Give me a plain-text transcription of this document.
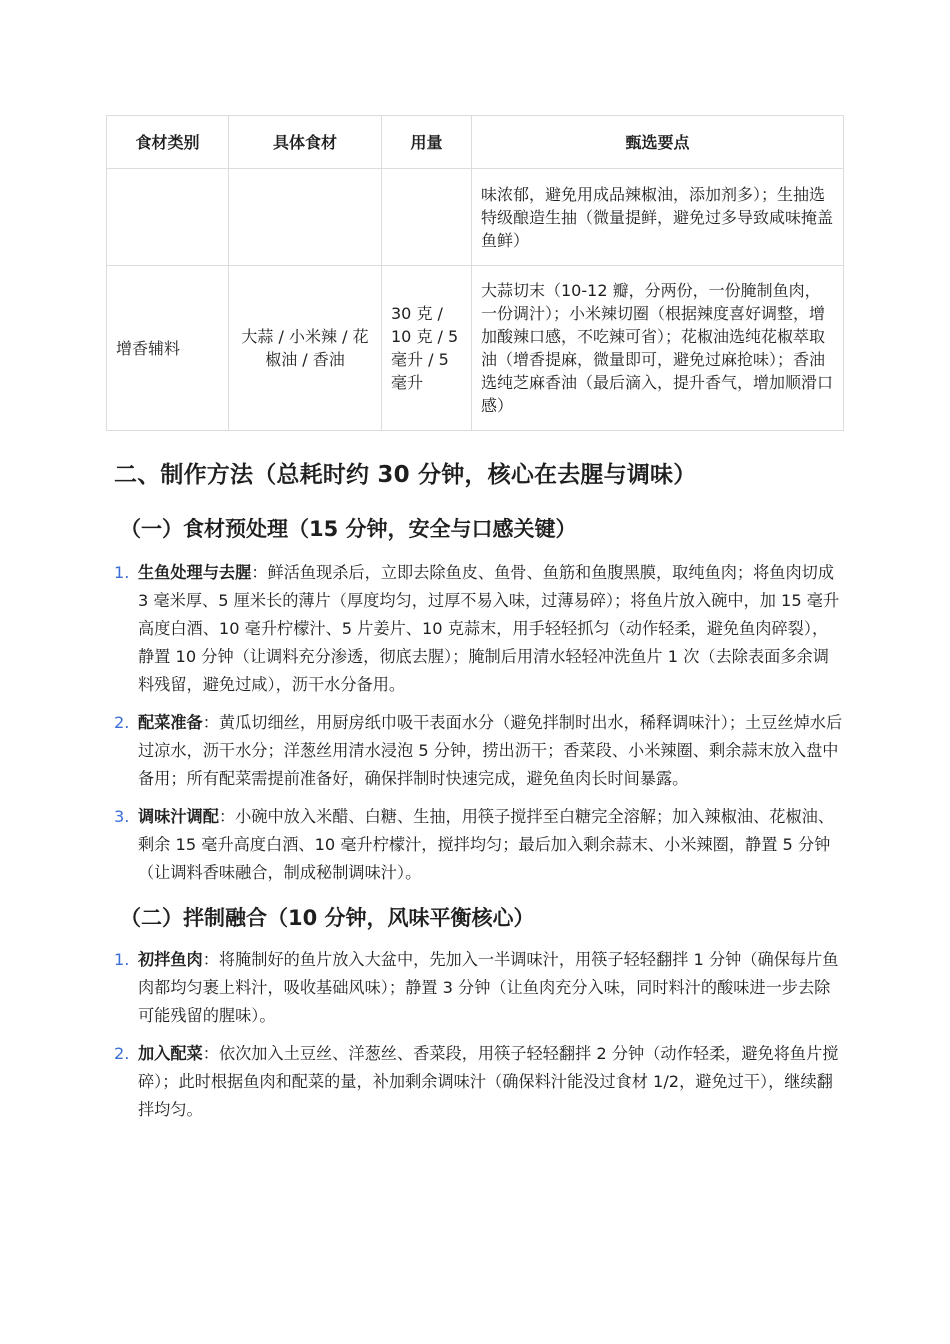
食材类别	具体食材	用量	甄选要点
			味浓郁，避免用成品辣椒油，添加剂多）；生抽选特级酿造生抽（微量提鲜，避免过多导致咸味掩盖鱼鲜）
增香辅料	大蒜 / 小米辣 / 花椒油 / 香油	30 克 / 10 克 / 5 毫升 / 5 毫升	大蒜切末（10-12 瓣，分两份，一份腌制鱼肉，一份调汁）；小米辣切圈（根据辣度喜好调整，增加酸辣口感，不吃辣可省）；花椒油选纯花椒萃取油（增香提麻，微量即可，避免过麻抢味）；香油选纯芝麻香油（最后滴入，提升香气，增加顺滑口感）
二、制作方法（总耗时约 30 分钟，核心在去腥与调味）
（一）食材预处理（15 分钟，安全与口感关键）
1. 生鱼处理与去腥：鲜活鱼现杀后，立即去除鱼皮、鱼骨、鱼筋和鱼腹黑膜，取纯鱼肉；将鱼肉切成 3 毫米厚、5 厘米长的薄片（厚度均匀，过厚不易入味，过薄易碎）；将鱼片放入碗中，加 15 毫升高度白酒、10 毫升柠檬汁、5 片姜片、10 克蒜末，用手轻轻抓匀（动作轻柔，避免鱼肉碎裂），静置 10 分钟（让调料充分渗透，彻底去腥）；腌制后用清水轻轻冲洗鱼片 1 次（去除表面多余调料残留，避免过咸），沥干水分备用。
2. 配菜准备：黄瓜切细丝，用厨房纸巾吸干表面水分（避免拌制时出水，稀释调味汁）；土豆丝焯水后过凉水，沥干水分；洋葱丝用清水浸泡 5 分钟，捞出沥干；香菜段、小米辣圈、剩余蒜末放入盘中备用；所有配菜需提前准备好，确保拌制时快速完成，避免鱼肉长时间暴露。
3. 调味汁调配：小碗中放入米醋、白糖、生抽，用筷子搅拌至白糖完全溶解；加入辣椒油、花椒油、剩余 15 毫升高度白酒、10 毫升柠檬汁，搅拌均匀；最后加入剩余蒜末、小米辣圈，静置 5 分钟（让调料香味融合，制成秘制调味汁）。
（二）拌制融合（10 分钟，风味平衡核心）
1. 初拌鱼肉：将腌制好的鱼片放入大盆中，先加入一半调味汁，用筷子轻轻翻拌 1 分钟（确保每片鱼肉都均匀裹上料汁，吸收基础风味）；静置 3 分钟（让鱼肉充分入味，同时料汁的酸味进一步去除可能残留的腥味）。
2. 加入配菜：依次加入土豆丝、洋葱丝、香菜段，用筷子轻轻翻拌 2 分钟（动作轻柔，避免将鱼片搅碎）；此时根据鱼肉和配菜的量，补加剩余调味汁（确保料汁能没过食材 1/2，避免过干），继续翻拌均匀。
